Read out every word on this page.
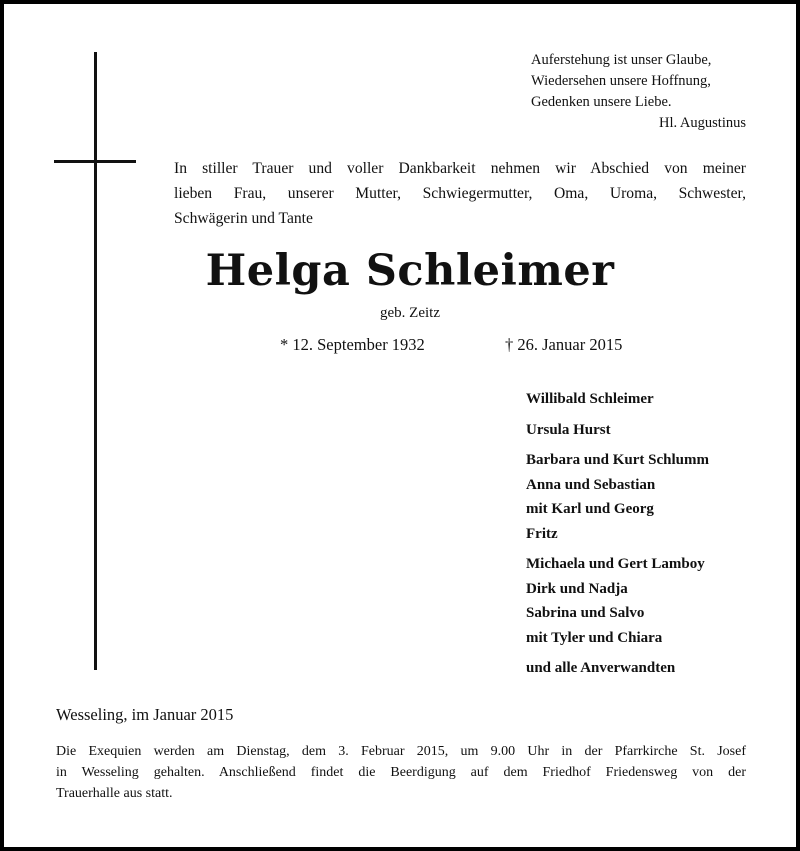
Auferstehung ist unser Glaube,
Wiedersehen unsere Hoffnung,
Gedenken unsere Liebe.
Hl. Augustinus
In stiller Trauer und voller Dankbarkeit nehmen wir Abschied von meiner
lieben Frau, unserer Mutter, Schwiegermutter, Oma, Uroma, Schwester,
Schwägerin und Tante
Helga Schleimer
geb. Zeitz
* 12. September 1932	† 26. Januar 2015
Willibald Schleimer
Ursula Hurst
Barbara und Kurt Schlumm
Anna und Sebastian
mit Karl und Georg
Fritz
Michaela und Gert Lamboy
Dirk und Nadja
Sabrina und Salvo
mit Tyler und Chiara
und alle Anverwandten
Wesseling, im Januar 2015
Die Exequien werden am Dienstag, dem 3. Februar 2015, um 9.00 Uhr in der Pfarrkirche St. Josef
in Wesseling gehalten. Anschließend findet die Beerdigung auf dem Friedhof Friedensweg von der
Trauerhalle aus statt.
